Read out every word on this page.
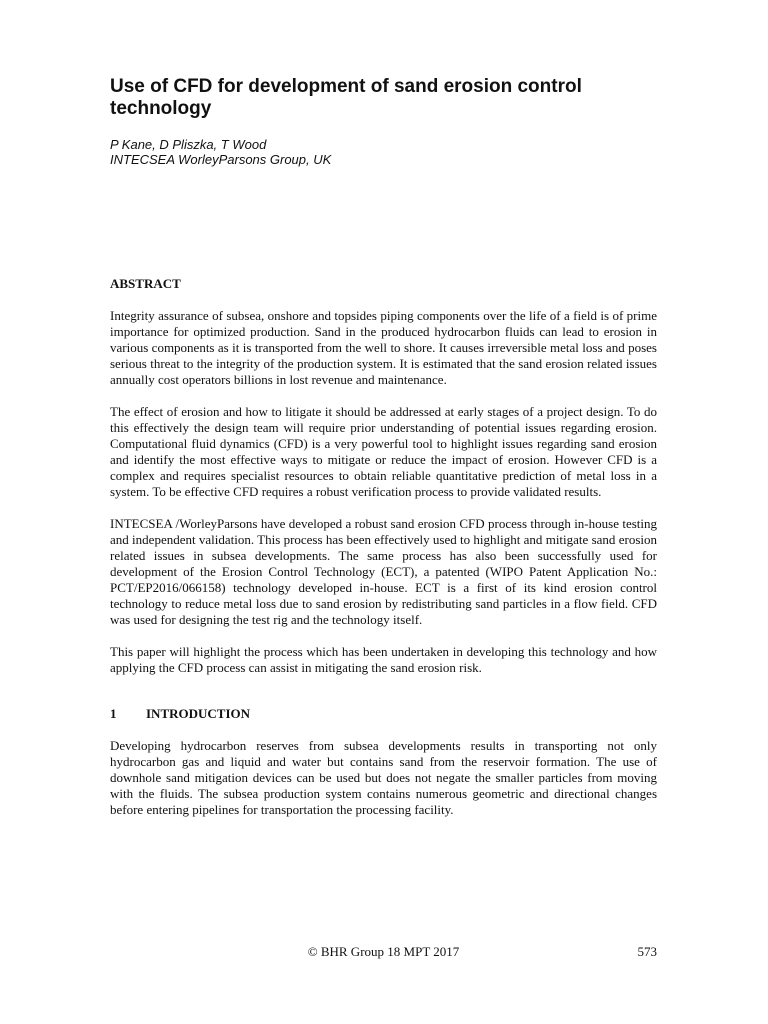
Use of CFD for development of sand erosion control technology
P Kane, D Pliszka, T Wood
INTECSEA WorleyParsons Group, UK
ABSTRACT

Integrity assurance of subsea, onshore and topsides piping components over the life of a field is of prime importance for optimized production. Sand in the produced hydrocarbon fluids can lead to erosion in various components as it is transported from the well to shore. It causes irreversible metal loss and poses serious threat to the integrity of the production system. It is estimated that the sand erosion related issues annually cost operators billions in lost revenue and maintenance.

The effect of erosion and how to litigate it should be addressed at early stages of a project design. To do this effectively the design team will require prior understanding of potential issues regarding erosion. Computational fluid dynamics (CFD) is a very powerful tool to highlight issues regarding sand erosion and identify the most effective ways to mitigate or reduce the impact of erosion. However CFD is a complex and requires specialist resources to obtain reliable quantitative prediction of metal loss in a system. To be effective CFD requires a robust verification process to provide validated results.

INTECSEA /WorleyParsons have developed a robust sand erosion CFD process through in-house testing and independent validation. This process has been effectively used to highlight and mitigate sand erosion related issues in subsea developments. The same process has also been successfully used for development of the Erosion Control Technology (ECT), a patented (WIPO Patent Application No.: PCT/EP2016/066158) technology developed in-house. ECT is a first of its kind erosion control technology to reduce metal loss due to sand erosion by redistributing sand particles in a flow field. CFD was used for designing the test rig and the technology itself.

This paper will highlight the process which has been undertaken in developing this technology and how applying the CFD process can assist in mitigating the sand erosion risk.

1 INTRODUCTION

Developing hydrocarbon reserves from subsea developments results in transporting not only hydrocarbon gas and liquid and water but contains sand from the reservoir formation. The use of downhole sand mitigation devices can be used but does not negate the smaller particles from moving with the fluids. The subsea production system contains numerous geometric and directional changes before entering pipelines for transportation the processing facility.

© BHR Group 18 MPT 2017	573
